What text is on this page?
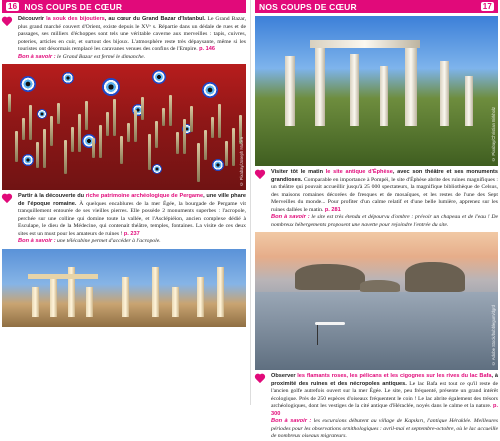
16 NOS COUPS DE CŒUR

Découvrir la souk des bijoutiers, au cœur du Grand Bazar d'Istanbul. Le Grand Bazar, plus grand marché couvert d'Orient, existe depuis le XVᵉ s. Répartie dans un dédale de rues et de passages, ses milliers d'échoppes sont tels une véritable caverne aux merveilles : tapis, cuivres, poteries, articles en cuir, et surtout des bijoux. L'atmosphère reste très dépaysante, même si les touristes ont désormais remplacé les caravanes venues des confins de l'Empire. p. 146
Bon à savoir : le Grand Bazar est fermé le dimanche.

© Pixabay/Joseph Mucira

Partir à la découverte du riche patrimoine archéologique de Pergame, une ville phare de l'époque romaine. À quelques encablures de la mer Égée, la bourgade de Pergame vit tranquillement entourée de ses vieilles pierres. Elle possède 2 monuments superbes : l'acropole, perchée sur une colline qui domine toute la vallée, et l'Asclépiéion, ancien complexe dédié à Esculape, le dieu de la Médecine, qui contenait théâtre, temples, fontaines. La visite de ces deux sites est un must pour les amateurs de ruines ! p. 237
Bon à savoir : une télécabine permet d'accéder à l'acropole.

NOS COUPS DE CŒUR	17
© Pixabay/Christian Birkholz

Visiter tôt le matin le site antique d'Éphèse, avec son théâtre et ses monuments grandioses. Comparable en importance à Pompéi, le site d'Éphèse abrite des ruines magnifiques : un théâtre qui pouvait accueillir jusqu'à 25 000 spectateurs, la magnifique bibliothèque de Celsus, des maisons romaines décorées de fresques et de mosaïques, et les restes de l'une des Sept Merveilles du monde... Pour profiter d'un calme relatif et d'une belle lumière, apprenez sur les ruines dallées le matin. p. 281
Bon à savoir : le site est très étendu et dépourvu d'ombre : prévoir un chapeau et de l'eau ! De nombreux hébergements proposent une navette pour rejoindre l'entrée du site.

© Adobe Stock/bubblegum/dgrd

Observer les flamants roses, les pélicans et les cigognes sur les rives du lac Bafa, à proximité des ruines et des nécropoles antiques. Le lac Bafa est tout ce qu'il reste de l'ancien golfe autrefois ouvert sur la mer Égée. Le site, peu fréquenté, présente un grand intérêt écologique. Près de 250 espèces d'oiseaux fréquentent le coin ! Le lac abrite également des trésors archéologiques, dont les vestiges de la cité antique d'Héraclée, noyés dans le calme et la nature. p. 300
Bon à savoir : les excursions débutent au village de Kapıkırı, l'antique Héraklée. Meilleures périodes pour les observations ornithologiques : avril-mai et septembre-octobre, où le lac accueille de nombreux oiseaux migrateurs.
